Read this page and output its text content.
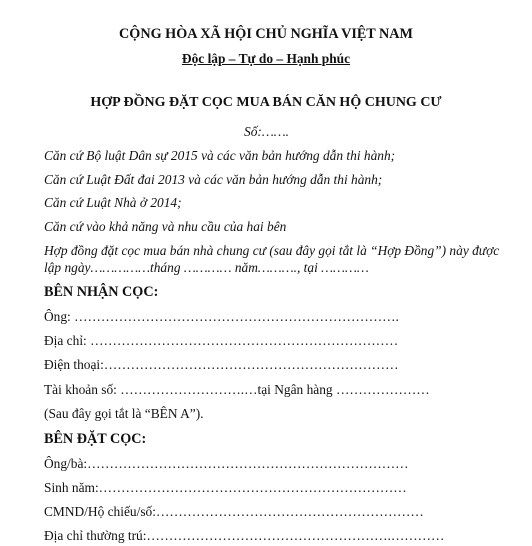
CỘNG HÒA XÃ HỘI CHỦ NGHĨA VIỆT NAM
Độc lập – Tự do – Hạnh phúc
HỢP ĐỒNG ĐẶT CỌC MUA BÁN CĂN HỘ CHUNG CƯ
Số:…….
Căn cứ Bộ luật Dân sự 2015 và các văn bản hướng dẫn thi hành;
Căn cứ Luật Đất đai 2013 và các văn bản hướng dẫn thi hành;
Căn cứ Luật Nhà ở 2014;
Căn cứ vào khả năng và nhu cầu của hai bên
Hợp đồng đặt cọc mua bán nhà chung cư (sau đây gọi tắt là “Hợp Đồng”) này được
lập ngày……………tháng ………… năm………., tại …………
BÊN NHẬN CỌC:
Ông: ……………………………………………………………….
Địa chỉ: ……………………………………………………………
Điện thoại:…………………………………………………………
Tài khoản số: ……………………….…tại Ngân hàng …………………
(Sau đây gọi tắt là “BÊN A”).
BÊN ĐẶT CỌC:
Ông/bà:………………………………………………………………
Sinh năm:……………………………………………………………
CMND/Hộ chiếu/số:……………………………………………………
Địa chỉ thường trú:……………………………………………….…………
